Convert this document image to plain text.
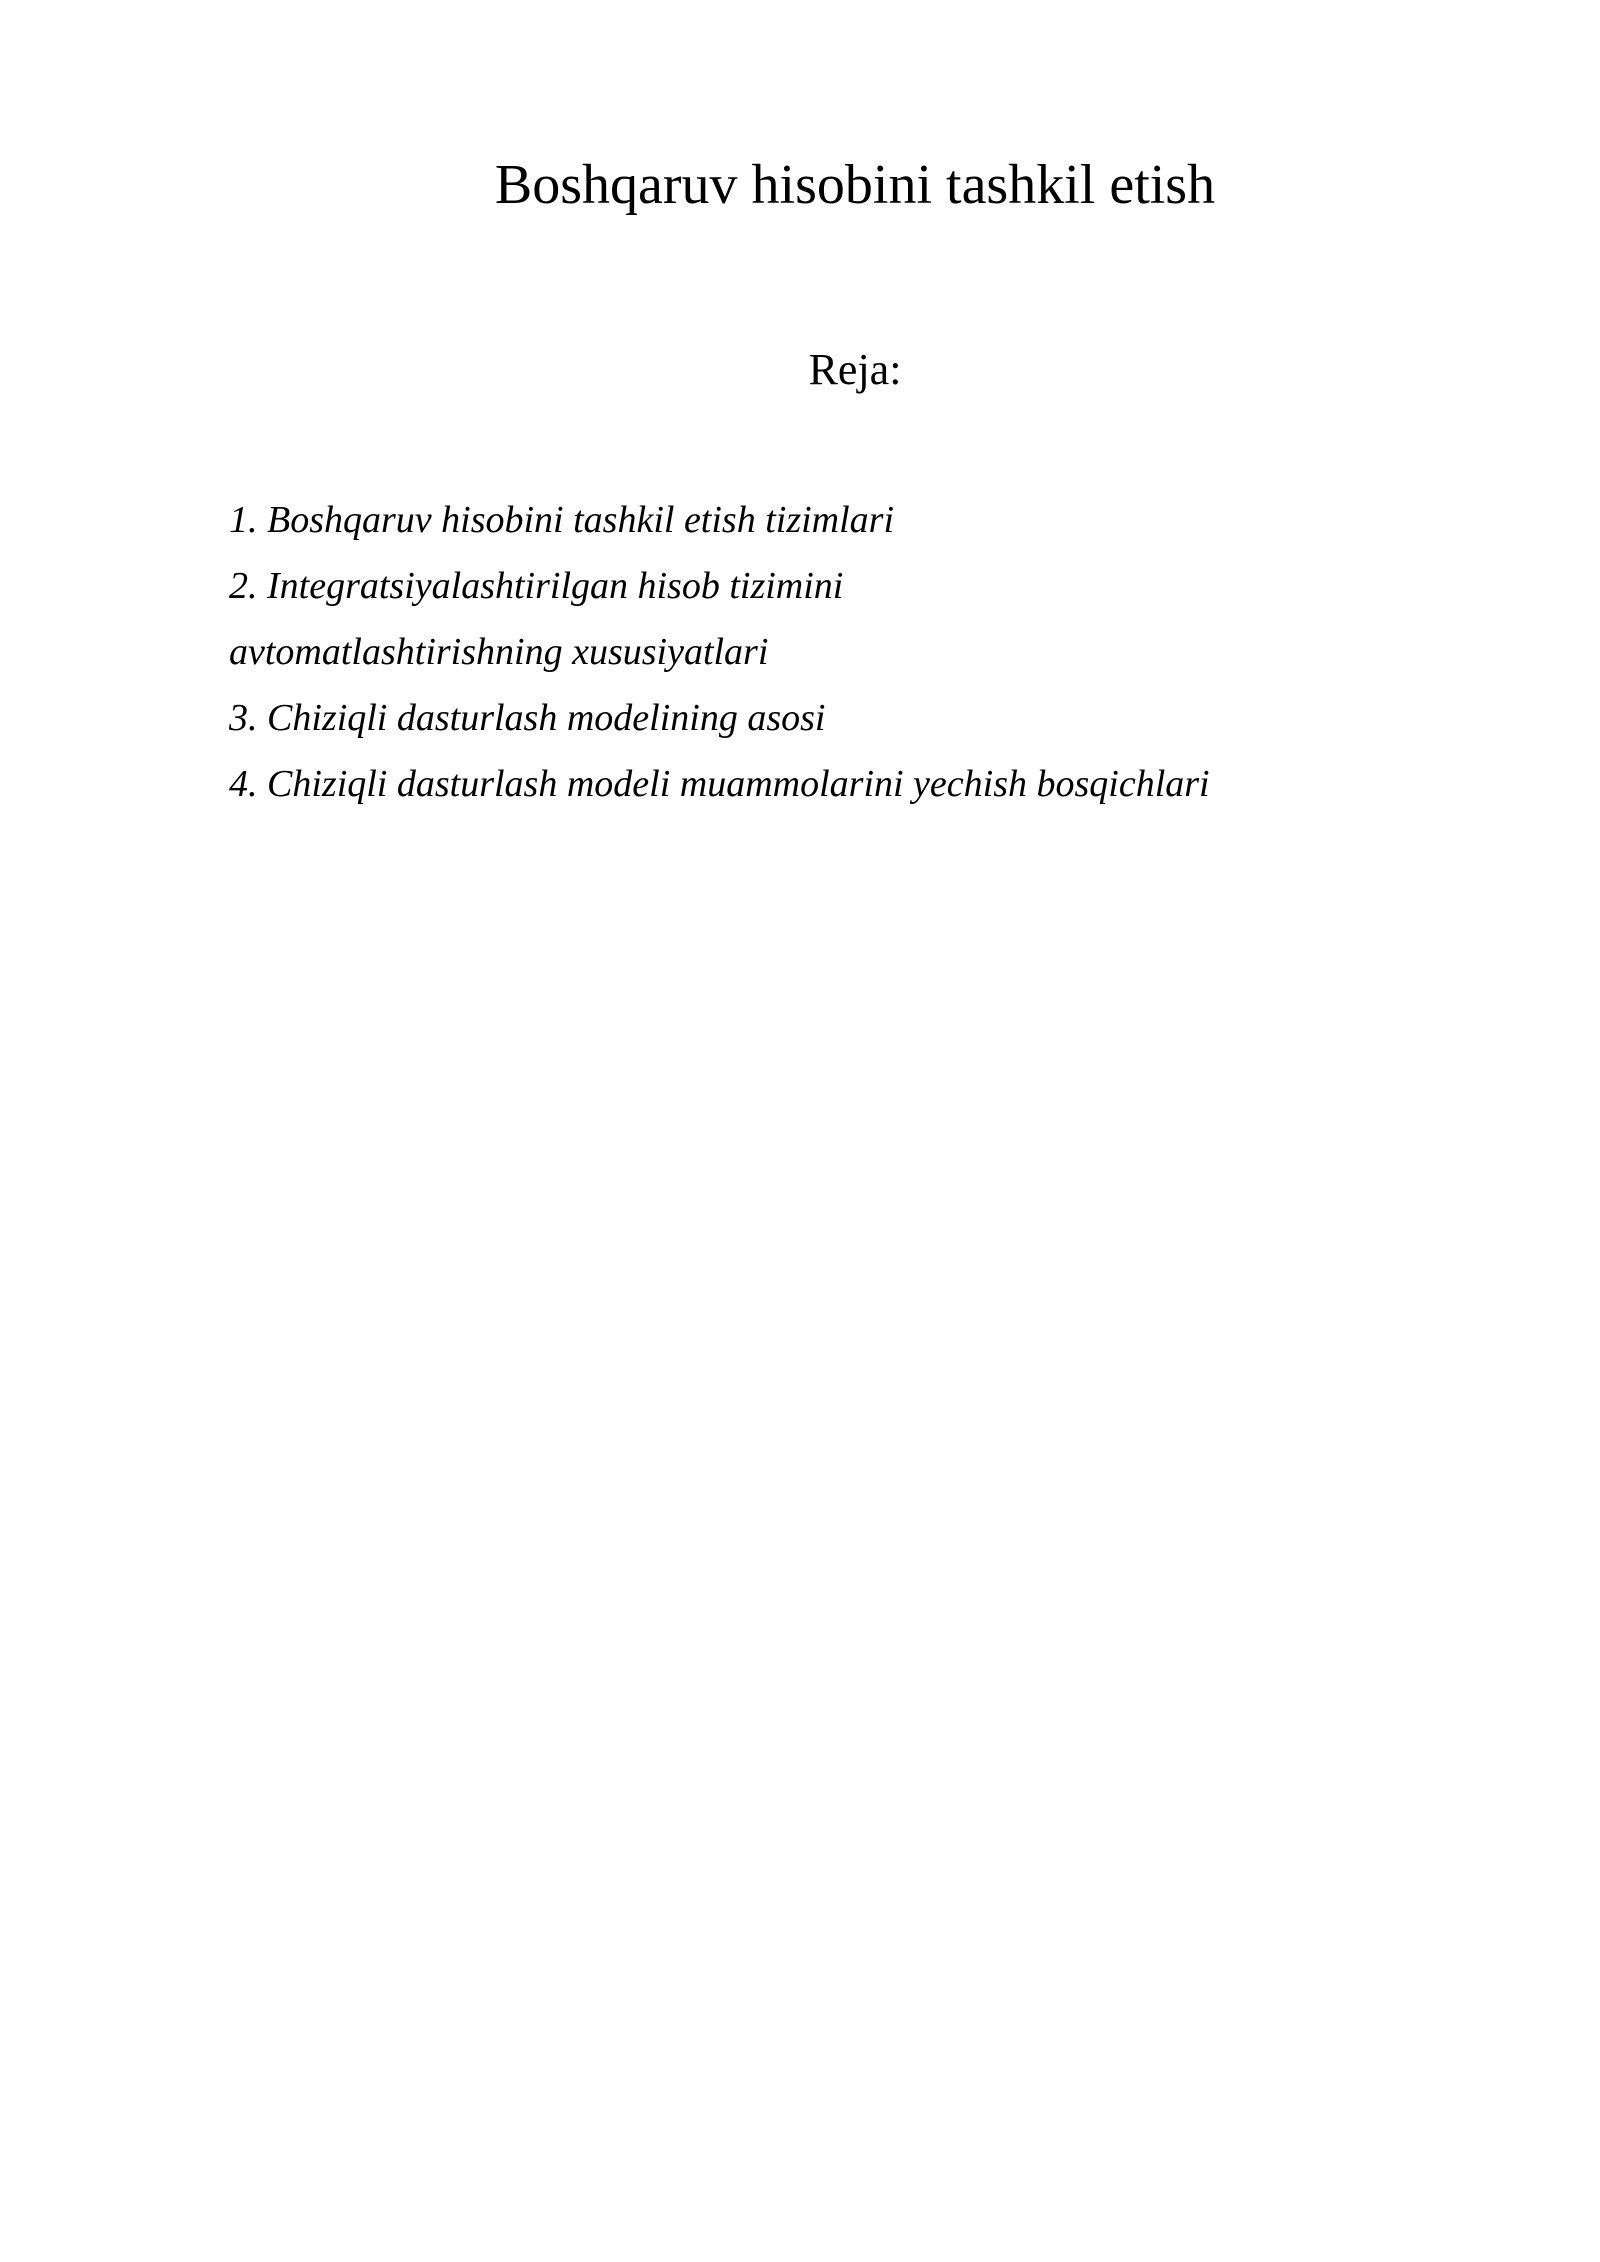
Boshqaruv hisobini tashkil etish

Reja:

1. Boshqaruv hisobini tashkil etish tizimlari
2. Integratsiyalashtirilgan hisob tizimini
avtomatlashtirishning xususiyatlari
3. Chiziqli dasturlash modelining asosi
4. Chiziqli dasturlash modeli muammolarini yechish bosqichlari
